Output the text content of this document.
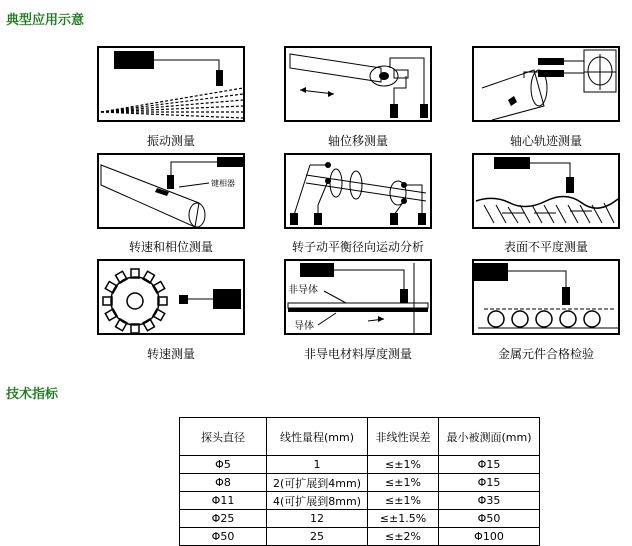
典型应用示意
振动测量	轴位移测量	轴心轨迹测量
键相器
转速和相位测量	转子动平衡径向运动分析	表面不平度测量
转速测量
非导体
导体
非导电材料厚度测量	金属元件合格检验
技术指标
探头直径	线性量程(mm)	非线性误差	最小被测面(mm)
Φ5	1	≤±1%	Φ15
Φ8	2(可扩展到4mm)	≤±1%	Φ15
Φ11	4(可扩展到8mm)	≤±1%	Φ35
Φ25	12	≤±1.5%	Φ50
Φ50	25	≤±2%	Φ100
